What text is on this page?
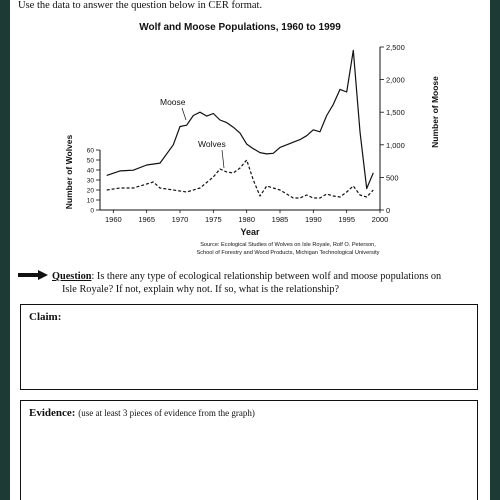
Use the data to answer the question below in CER format.
Wolf and Moose Populations, 1960 to 1999
1960 1965 1970 1975 1980 1985 1990 1995 2000
0
500
1,000
1,500
2,000
2,500
0
10
20
30
40
50
60
Moose
Wolves
Year
Number of Wolves
Number of Moose
Source: Ecological Studies of Wolves on Isle Royale, Rolf O. Peterson,
School of Forestry and Wood Products, Michigan Technological University
Question: Is there any type of ecological relationship between wolf and moose populations on
Isle Royale? If not, explain why not. If so, what is the relationship?
Claim:
Evidence: (use at least 3 pieces of evidence from the graph)
